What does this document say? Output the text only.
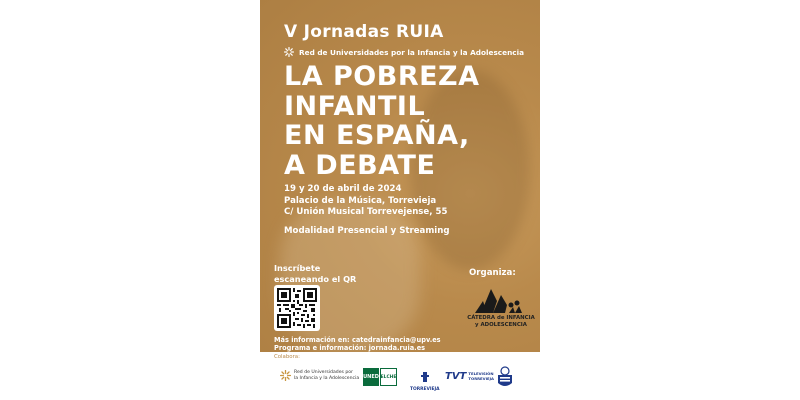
V Jornadas RUIA

Red de Universidades por la Infancia y la Adolescencia
LA POBREZA
INFANTIL
EN ESPAÑA,
A DEBATE
19 y 20 de abril de 2024
Palacio de la Música, Torrevieja
C/ Unión Musical Torrevejense, 55

Modalidad Presencial y Streaming

Inscríbete
escaneando el QR

Organiza:

CÁTEDRA de INFANCIA
y ADOLESCENCIA
Más información en: catedrainfancia@upv.es
Programa e información: jornada.ruia.es
Colabora:
Red de Universidades por
la Infancia y la Adolescencia UNED ELCHE
TORREVIEJA
TVT TELEVISIÓN TORREVIEJA
